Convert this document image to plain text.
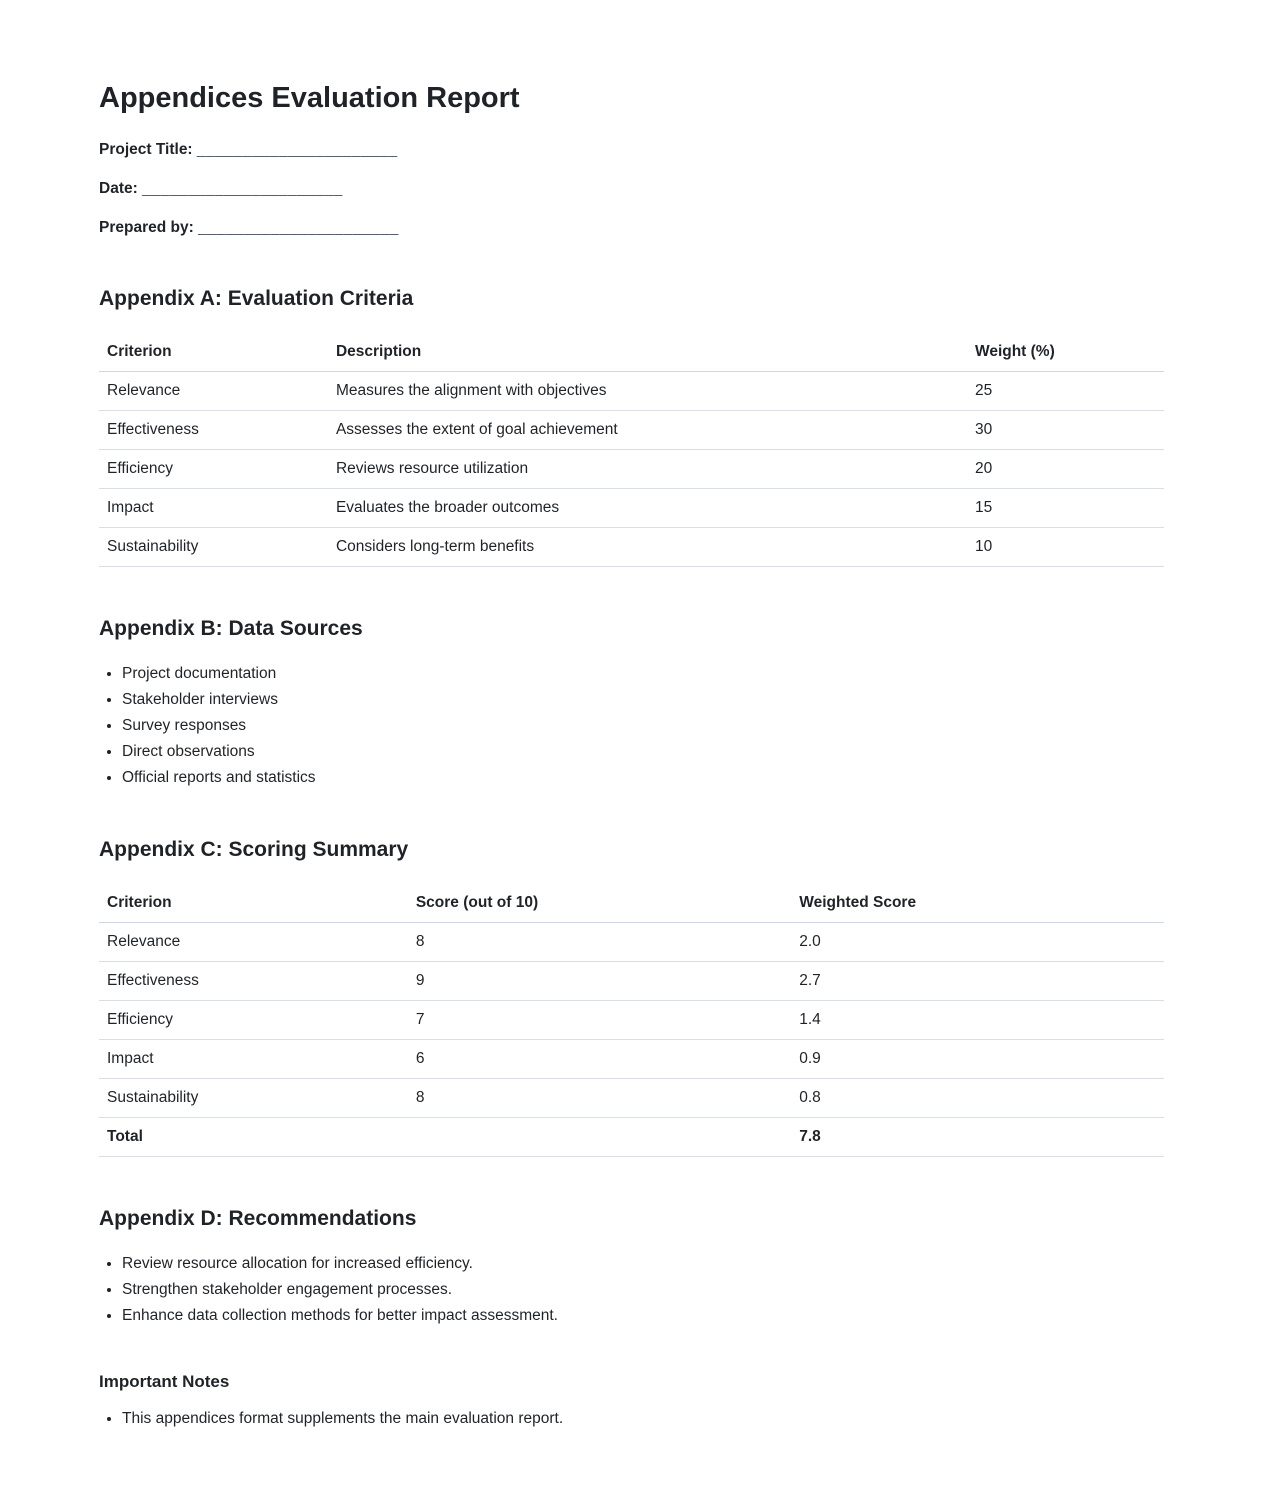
Appendices Evaluation Report

Project Title: ______________________

Date: ______________________

Prepared by: ______________________

Appendix A: Evaluation Criteria
Criterion	Description	Weight (%)
Relevance	Measures the alignment with objectives	25
Effectiveness	Assesses the extent of goal achievement	30
Efficiency	Reviews resource utilization	20
Impact	Evaluates the broader outcomes	15
Sustainability	Considers long-term benefits	10
Appendix B: Data Sources
• Project documentation
• Stakeholder interviews
• Survey responses
• Direct observations
• Official reports and statistics
Appendix C: Scoring Summary
Criterion	Score (out of 10)	Weighted Score
Relevance	8	2.0
Effectiveness	9	2.7
Efficiency	7	1.4
Impact	6	0.9
Sustainability	8	0.8
Total		7.8
Appendix D: Recommendations
• Review resource allocation for increased efficiency.
• Strengthen stakeholder engagement processes.
• Enhance data collection methods for better impact assessment.
Important Notes
• This appendices format supplements the main evaluation report.
